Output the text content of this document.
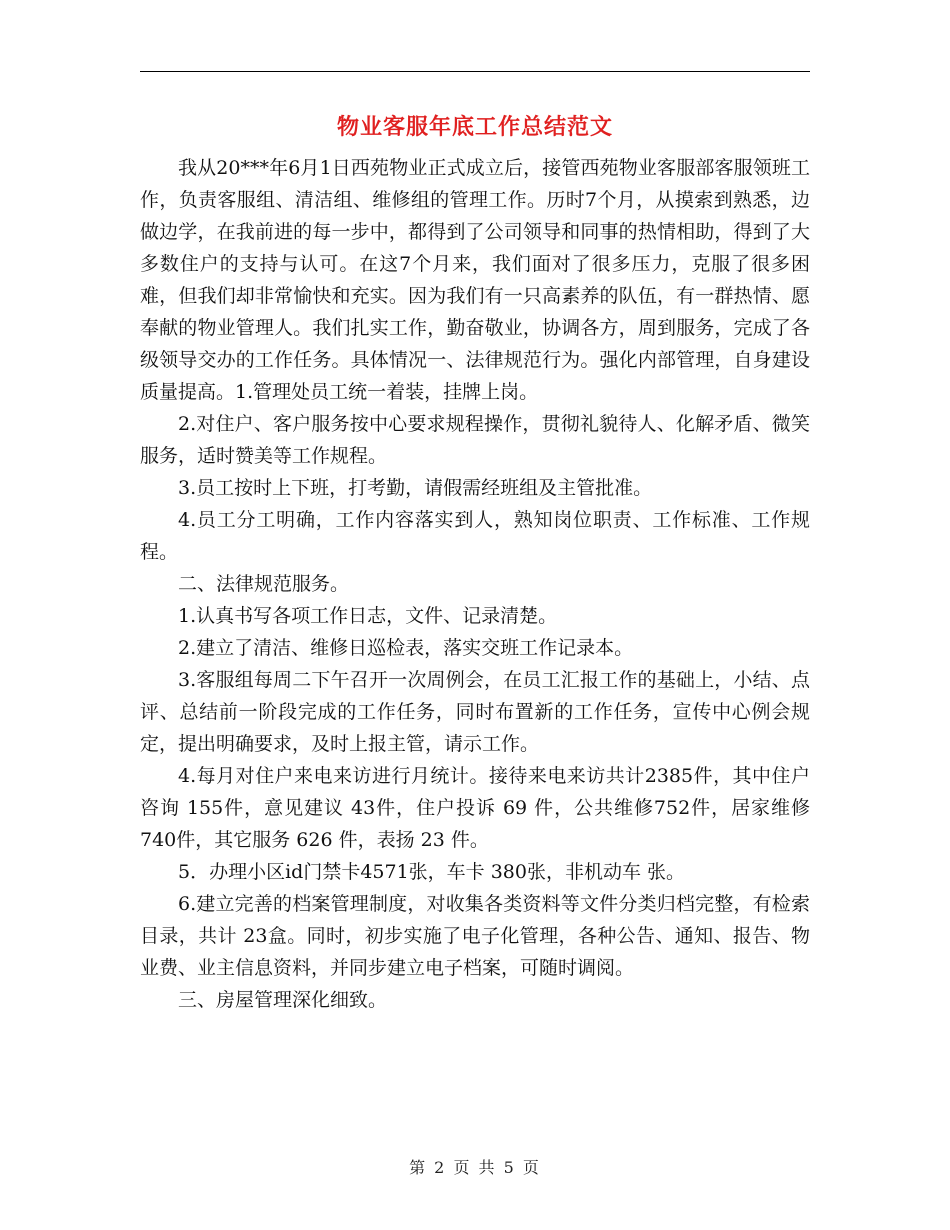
物业客服年底工作总结范文

我从20***年6月1日西苑物业正式成立后，接管西苑物业客服部客服领班工作，负责客服组、清洁组、维修组的管理工作。历时7个月，从摸索到熟悉，边做边学，在我前进的每一步中，都得到了公司领导和同事的热情相助，得到了大多数住户的支持与认可。在这7个月来，我们面对了很多压力，克服了很多困难，但我们却非常愉快和充实。因为我们有一只高素养的队伍，有一群热情、愿奉献的物业管理人。我们扎实工作，勤奋敬业，协调各方，周到服务，完成了各级领导交办的工作任务。具体情况一、法律规范行为。强化内部管理，自身建设质量提高。1.管理处员工统一着装，挂牌上岗。

2.对住户、客户服务按中心要求规程操作，贯彻礼貌待人、化解矛盾、微笑服务，适时赞美等工作规程。

3.员工按时上下班，打考勤，请假需经班组及主管批准。

4.员工分工明确，工作内容落实到人，熟知岗位职责、工作标准、工作规程。

二、法律规范服务。

1.认真书写各项工作日志，文件、记录清楚。

2.建立了清洁、维修日巡检表，落实交班工作记录本。

3.客服组每周二下午召开一次周例会，在员工汇报工作的基础上，小结、点评、总结前一阶段完成的工作任务，同时布置新的工作任务，宣传中心例会规定，提出明确要求，及时上报主管，请示工作。

4.每月对住户来电来访进行月统计。接待来电来访共计2385件，其中住户咨询 155件，意见建议 43件，住户投诉 69 件，公共维修752件，居家维修 740件，其它服务 626 件，表扬 23 件。

5．办理小区id门禁卡4571张，车卡 380张，非机动车 张。

6.建立完善的档案管理制度，对收集各类资料等文件分类归档完整，有检索目录，共计 23盒。同时，初步实施了电子化管理，各种公告、通知、报告、物业费、业主信息资料，并同步建立电子档案，可随时调阅。

三、房屋管理深化细致。

第 2 页 共 5 页
